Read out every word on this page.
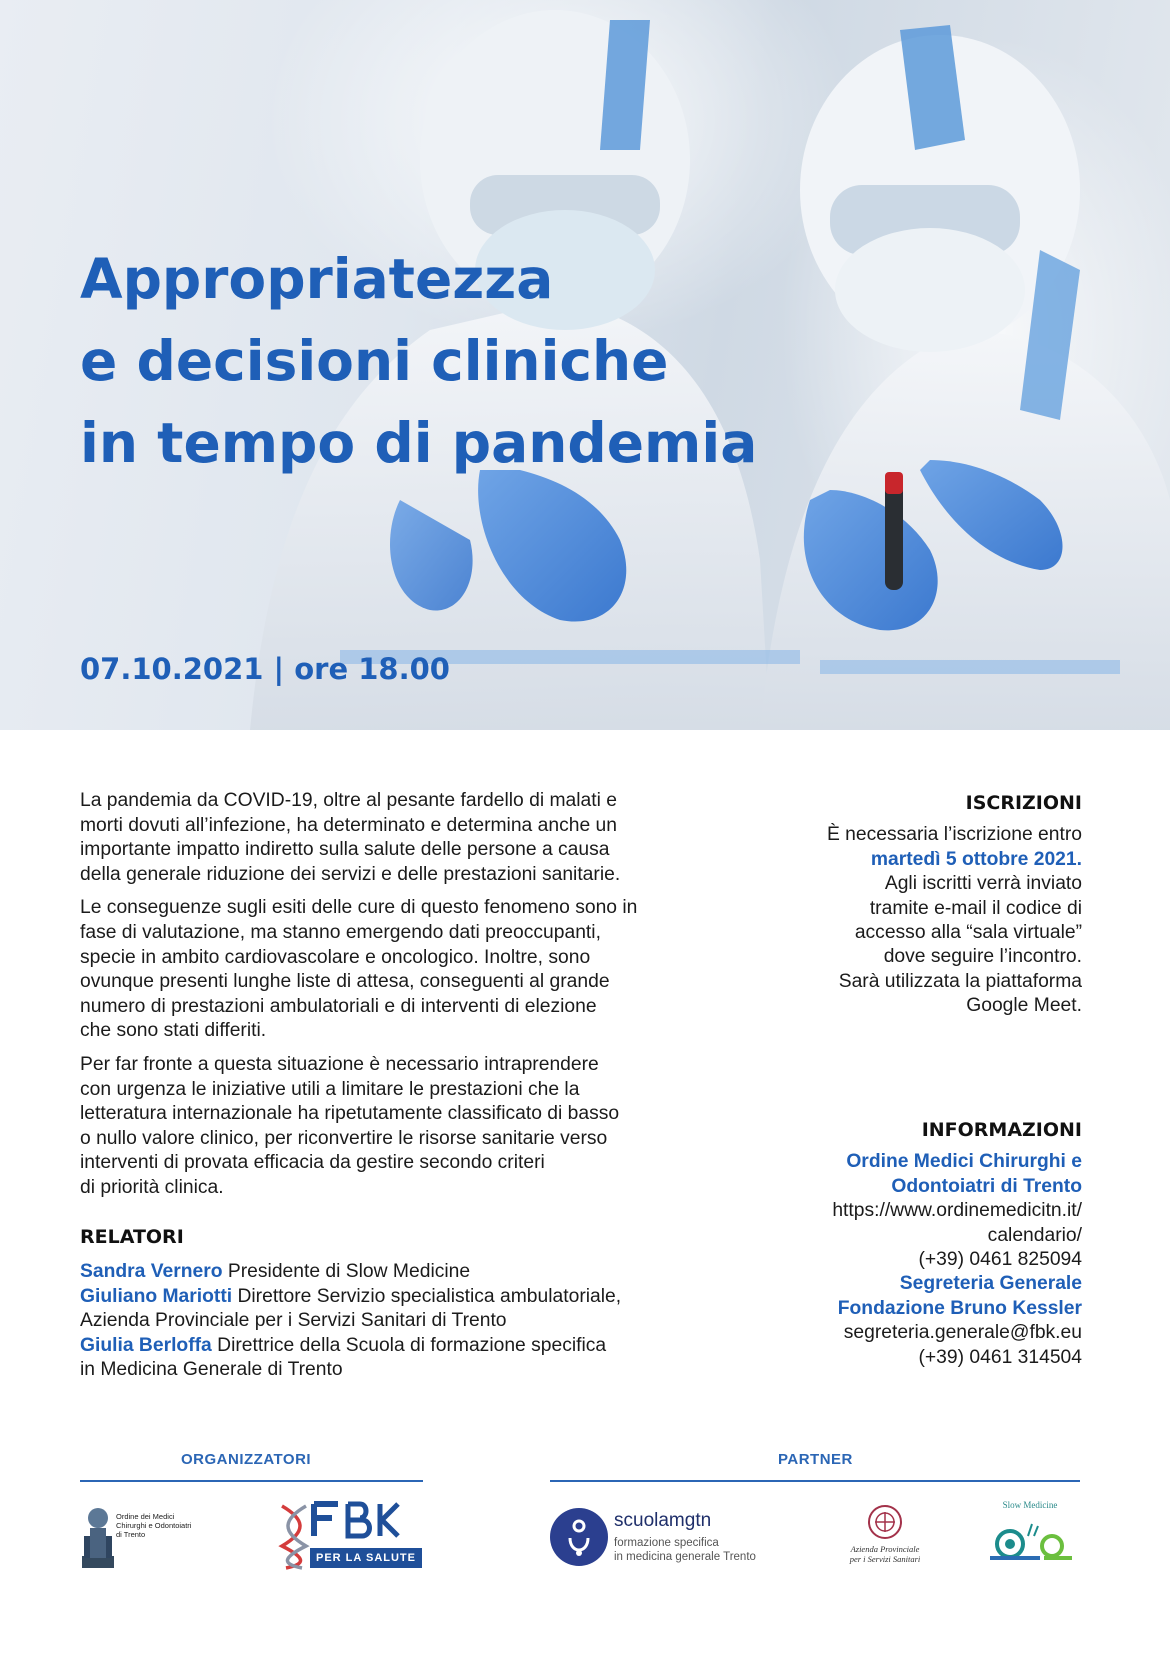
Appropriatezza
e decisioni cliniche
in tempo di pandemia
07.10.2021 | ore 18.00

La pandemia da COVID-19, oltre al pesante fardello di malati e
morti dovuti all’infezione, ha determinato e determina anche un
importante impatto indiretto sulla salute delle persone a causa
della generale riduzione dei servizi e delle prestazioni sanitarie.

Le conseguenze sugli esiti delle cure di questo fenomeno sono in
fase di valutazione, ma stanno emergendo dati preoccupanti,
specie in ambito cardiovascolare e oncologico. Inoltre, sono
ovunque presenti lunghe liste di attesa, conseguenti al grande
numero di prestazioni ambulatoriali e di interventi di elezione
che sono stati differiti.

Per far fronte a questa situazione è necessario intraprendere
con urgenza le iniziative utili a limitare le prestazioni che la
letteratura internazionale ha ripetutamente classificato di basso
o nullo valore clinico, per riconvertire le risorse sanitarie verso
interventi di provata efficacia da gestire secondo criteri
di priorità clinica.

RELATORI
Sandra Vernero Presidente di Slow Medicine
Giuliano Mariotti Direttore Servizio specialistica ambulatoriale,
Azienda Provinciale per i Servizi Sanitari di Trento
Giulia Berloffa Direttrice della Scuola di formazione specifica
in Medicina Generale di Trento
ISCRIZIONI
È necessaria l’iscrizione entro
martedì 5 ottobre 2021.
Agli iscritti verrà inviato
tramite e-mail il codice di
accesso alla “sala virtuale”
dove seguire l’incontro.
Sarà utilizzata la piattaforma
Google Meet.
INFORMAZIONI
Ordine Medici Chirurghi e
Odontoiatri di Trento
https://www.ordinemedicitn.it/
calendario/
(+39) 0461 825094
Segreteria Generale
Fondazione Bruno Kessler
segreteria.generale@fbk.eu
(+39) 0461 314504
ORGANIZZATORI	PARTNER
Ordine dei Medici
Chirurghi e Odontoiatri
di Trento
PER LA SALUTE
scuolamgtn
formazione specifica
in medicina generale Trento
Azienda Provinciale
per i Servizi Sanitari
Slow Medicine
